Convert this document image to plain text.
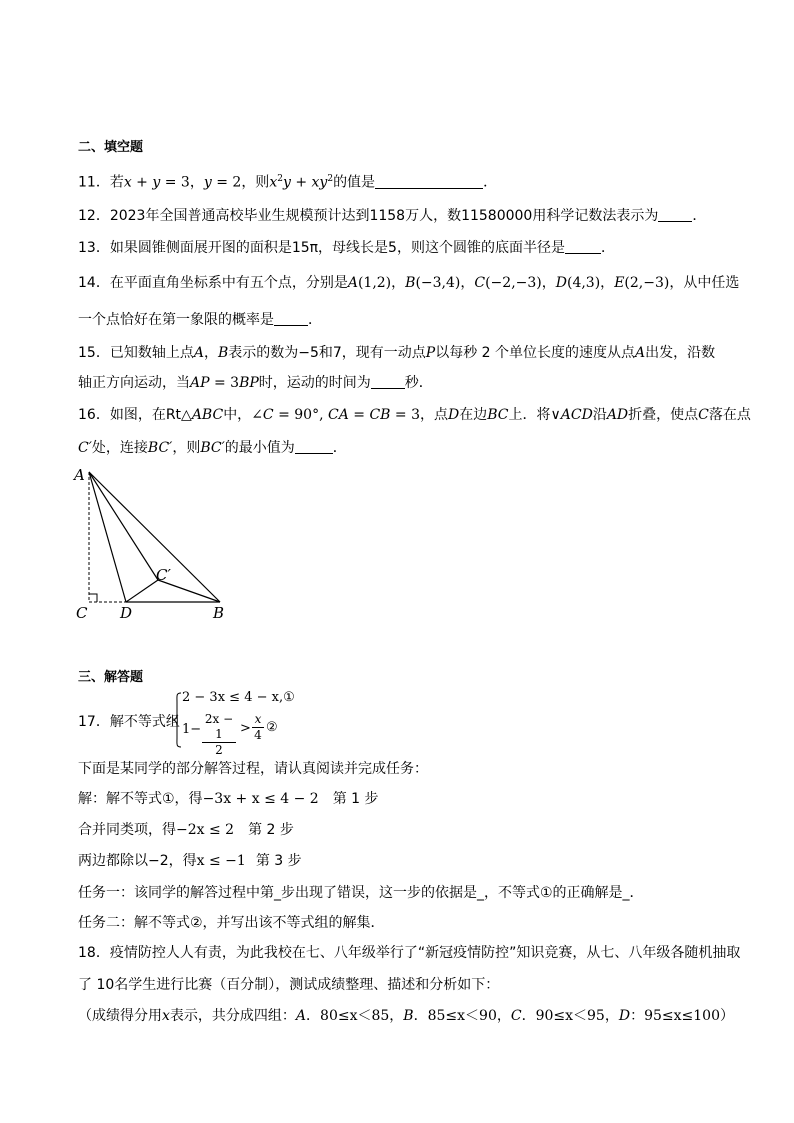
二、填空题
11．若x + y = 3，y = 2，则$x^2y + xy^2$的值是	．
12．2023年全国普通高校毕业生规模预计达到1158万人，数11580000用科学记数法表示为 ．
13．如果圆锥侧面展开图的面积是15π，母线长是5，则这个圆锥的底面半径是	．
14．在平面直角坐标系中有五个点，分别是A(1,2)，B(−3,4)，C(−2,−3)，D(4,3)，E(2,−3)，从中任选
一个点恰好在第一象限的概率是 ．
15．已知数轴上点A，B表示的数为−5和7，现有一动点P以每秒 2 个单位长度的速度从点A出发，沿数
轴正方向运动，当AP = 3BP时，运动的时间为 秒．
16．如图，在Rt△ABC中，∠C = 90°, CA = CB = 3，点D在边BC上．将∨ACD沿AD折叠，使点C落在点
C′处，连接BC′，则BC′的最小值为	．
A
C D	B
C′
三、解答题
17．解不等式组
2 − 3x ≤ 4 − x,①
1−
2x − 1
2
>
x
4 ②
下面是某同学的部分解答过程，请认真阅读并完成任务：
解：解不等式①，得−3x + x ≤ 4 − 2 第 1 步
合并同类项，得−2x ≤ 2 第 2 步
两边都除以−2，得x ≤ −1 第 3 步
任务一：该同学的解答过程中第_步出现了错误，这一步的依据是_，不等式①的正确解是_．
任务二：解不等式②，并写出该不等式组的解集．
18．疫情防控人人有责，为此我校在七、八年级举行了“新冠疫情防控”知识竞赛，从七、八年级各随机抽取
了 10名学生进行比赛（百分制），测试成绩整理、描述和分析如下：
（成绩得分用x表示，共分成四组：A．80≤x＜85，B．85≤x＜90，C．90≤x＜95，D：95≤x≤100）
